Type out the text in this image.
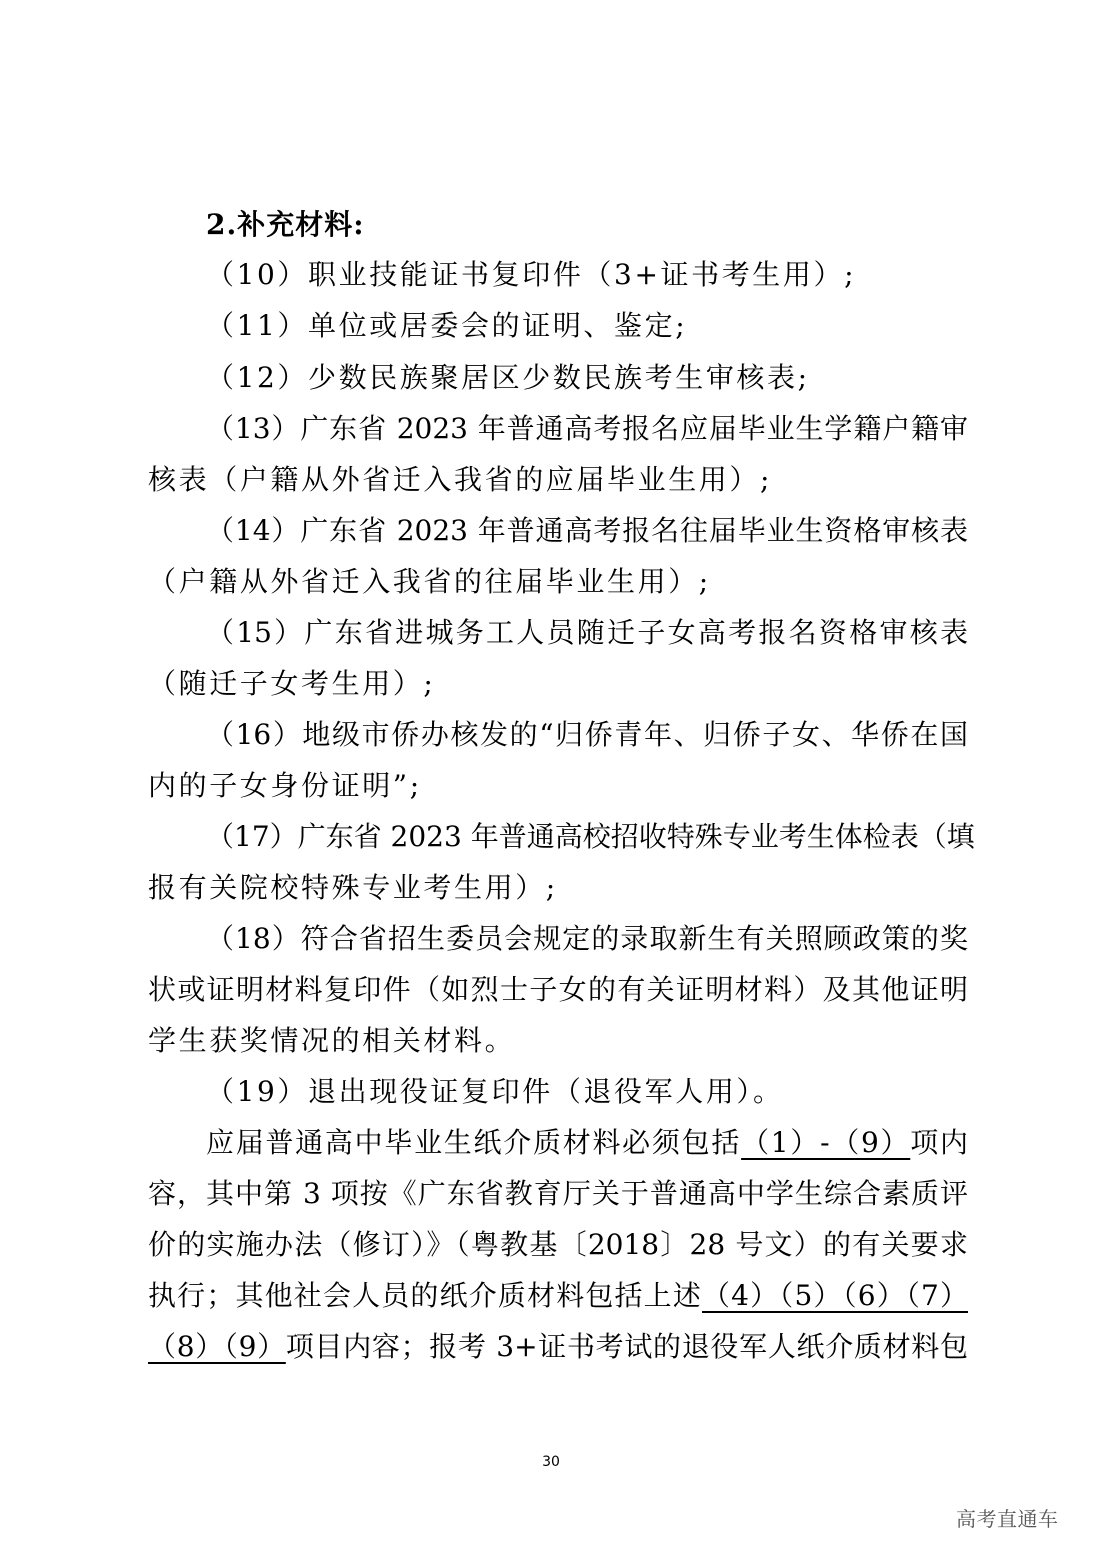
2.补充材料:
（10）职业技能证书复印件（3+证书考生用）;
（11）单位或居委会的证明、鉴定;
（12）少数民族聚居区少数民族考生审核表;
（13）广东省 2023 年普通高考报名应届毕业生学籍户籍审
核表（户籍从外省迁入我省的应届毕业生用）;
（14）广东省 2023 年普通高考报名往届毕业生资格审核表
（户籍从外省迁入我省的往届毕业生用）;
（15）广东省进城务工人员随迁子女高考报名资格审核表
（随迁子女考生用）;
（16）地级市侨办核发的“归侨青年、归侨子女、华侨在国
内的子女身份证明”;
（17）广东省 2023 年普通高校招收特殊专业考生体检表（填
报有关院校特殊专业考生用）;
（18）符合省招生委员会规定的录取新生有关照顾政策的奖
状或证明材料复印件（如烈士子女的有关证明材料）及其他证明
学生获奖情况的相关材料。
（19）退出现役证复印件（退役军人用）。
应届普通高中毕业生纸介质材料必须包括（1）-（9）项内
容，其中第 3 项按《广东省教育厅关于普通高中学生综合素质评
价的实施办法（修订）》（粤教基〔2018〕28 号文）的有关要求
执行；其他社会人员的纸介质材料包括上述（4）（5）（6）（7）
（8）（9）项目内容；报考 3+证书考试的退役军人纸介质材料包
30
高考直通车
